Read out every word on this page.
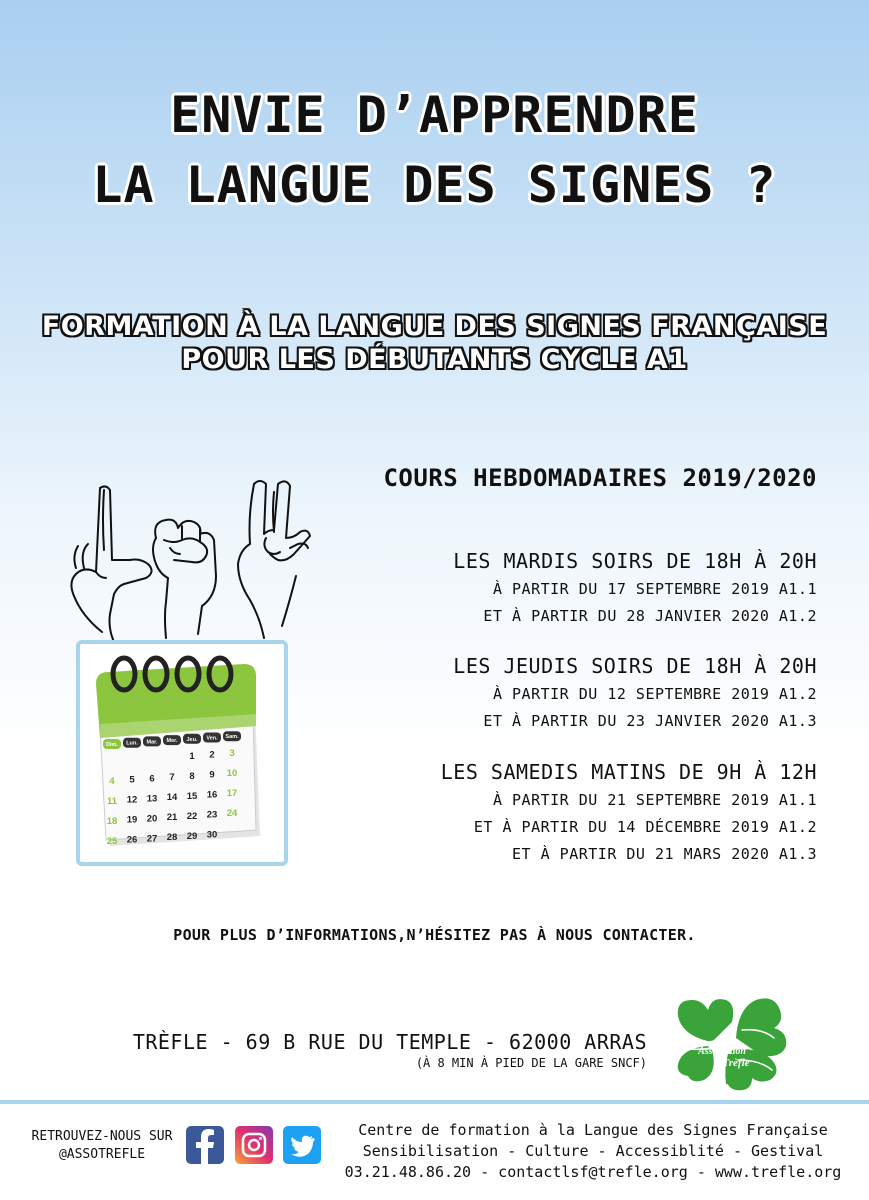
ENVIE D’APPRENDRE
LA LANGUE DES SIGNES ?
FORMATION À LA LANGUE DES SIGNES FRANÇAISE
POUR LES DÉBUTANTS CYCLE A1
COURS HEBDOMADAIRES 2019/2020
LES MARDIS SOIRS DE 18H À 20H
À PARTIR DU 17 SEPTEMBRE 2019 A1.1
ET À PARTIR DU 28 JANVIER 2020 A1.2
LES JEUDIS SOIRS DE 18H À 20H
À PARTIR DU 12 SEPTEMBRE 2019 A1.2
ET À PARTIR DU 23 JANVIER 2020 A1.3
LES SAMEDIS MATINS DE 9H À 12H
À PARTIR DU 21 SEPTEMBRE 2019 A1.1
ET À PARTIR DU 14 DÉCEMBRE 2019 A1.2
ET À PARTIR DU 21 MARS 2020 A1.3
Dim. Lun. Mar. Mer. Jeu. Ven. Sam.
1 2 3
4 5 6 7 8 9 10
11 12 13 14 15 16 17
18 19 20 21 22 23 24
25 26 27 28 29 30
POUR PLUS D’INFORMATIONS,N’HÉSITEZ PAS À NOUS CONTACTER.
TRÈFLE - 69 B RUE DU TEMPLE - 62000 ARRAS
(À 8 MIN À PIED DE LA GARE SNCF)
Association
Trèfle
RETROUVEZ-NOUS SUR
@ASSOTREFLE
Centre de formation à la Langue des Signes Française
Sensibilisation - Culture - Accessiblité - Gestival
03.21.48.86.20 - contactlsf@trefle.org - www.trefle.org
